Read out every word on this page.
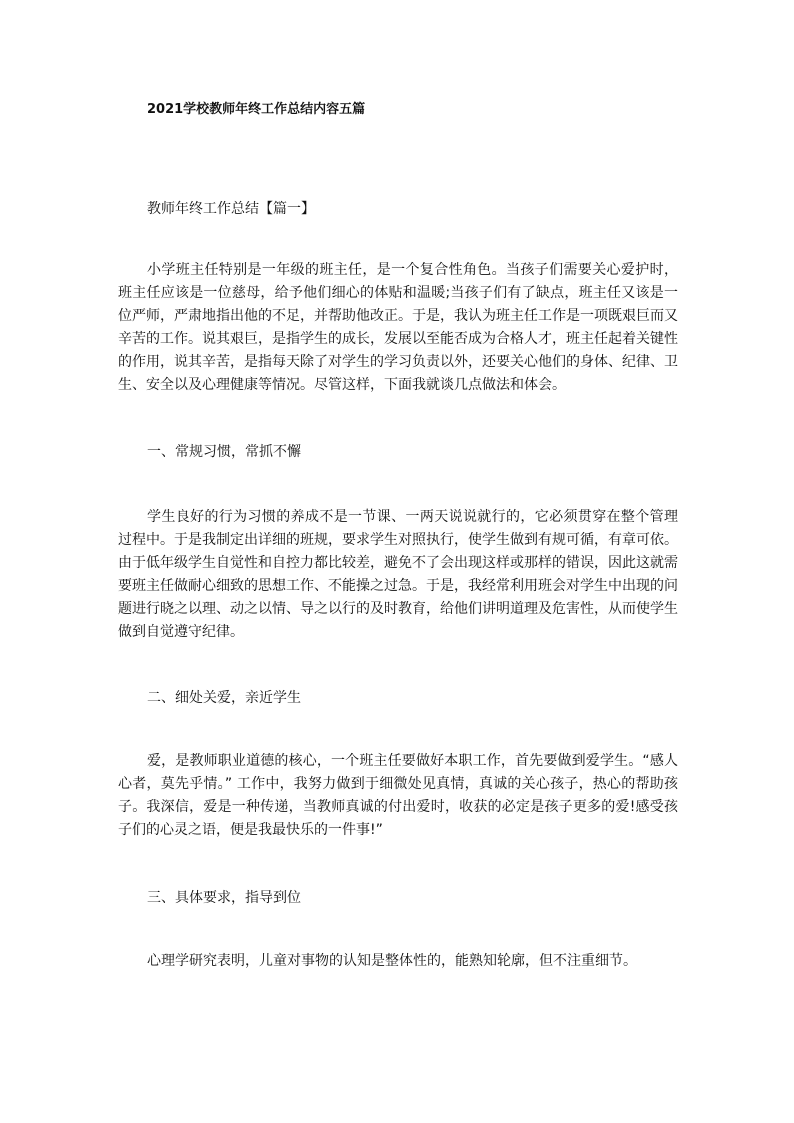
2021学校教师年终工作总结内容五篇
教师年终工作总结【篇一】
小学班主任特别是一年级的班主任，是一个复合性角色。当孩子们需要关心爱护时，班主任应该是一位慈母，给予他们细心的体贴和温暖;当孩子们有了缺点，班主任又该是一位严师，严肃地指出他的不足，并帮助他改正。于是，我认为班主任工作是一项既艰巨而又辛苦的工作。说其艰巨，是指学生的成长，发展以至能否成为合格人才，班主任起着关键性的作用，说其辛苦，是指每天除了对学生的学习负责以外，还要关心他们的身体、纪律、卫生、安全以及心理健康等情况。尽管这样，下面我就谈几点做法和体会。
一、常规习惯，常抓不懈
学生良好的行为习惯的养成不是一节课、一两天说说就行的，它必须贯穿在整个管理过程中。于是我制定出详细的班规，要求学生对照执行，使学生做到有规可循，有章可依。由于低年级学生自觉性和自控力都比较差，避免不了会出现这样或那样的错误，因此这就需要班主任做耐心细致的思想工作、不能操之过急。于是，我经常利用班会对学生中出现的问题进行晓之以理、动之以情、导之以行的及时教育，给他们讲明道理及危害性，从而使学生做到自觉遵守纪律。
二、细处关爱，亲近学生
爱，是教师职业道德的核心，一个班主任要做好本职工作，首先要做到爱学生。“感人心者，莫先乎情。” 工作中，我努力做到于细微处见真情，真诚的关心孩子，热心的帮助孩子。我深信，爱是一种传递，当教师真诚的付出爱时，收获的必定是孩子更多的爱!感受孩子们的心灵之语，便是我最快乐的一件事!”
三、具体要求，指导到位
心理学研究表明，儿童对事物的认知是整体性的，能熟知轮廓，但不注重细节。
